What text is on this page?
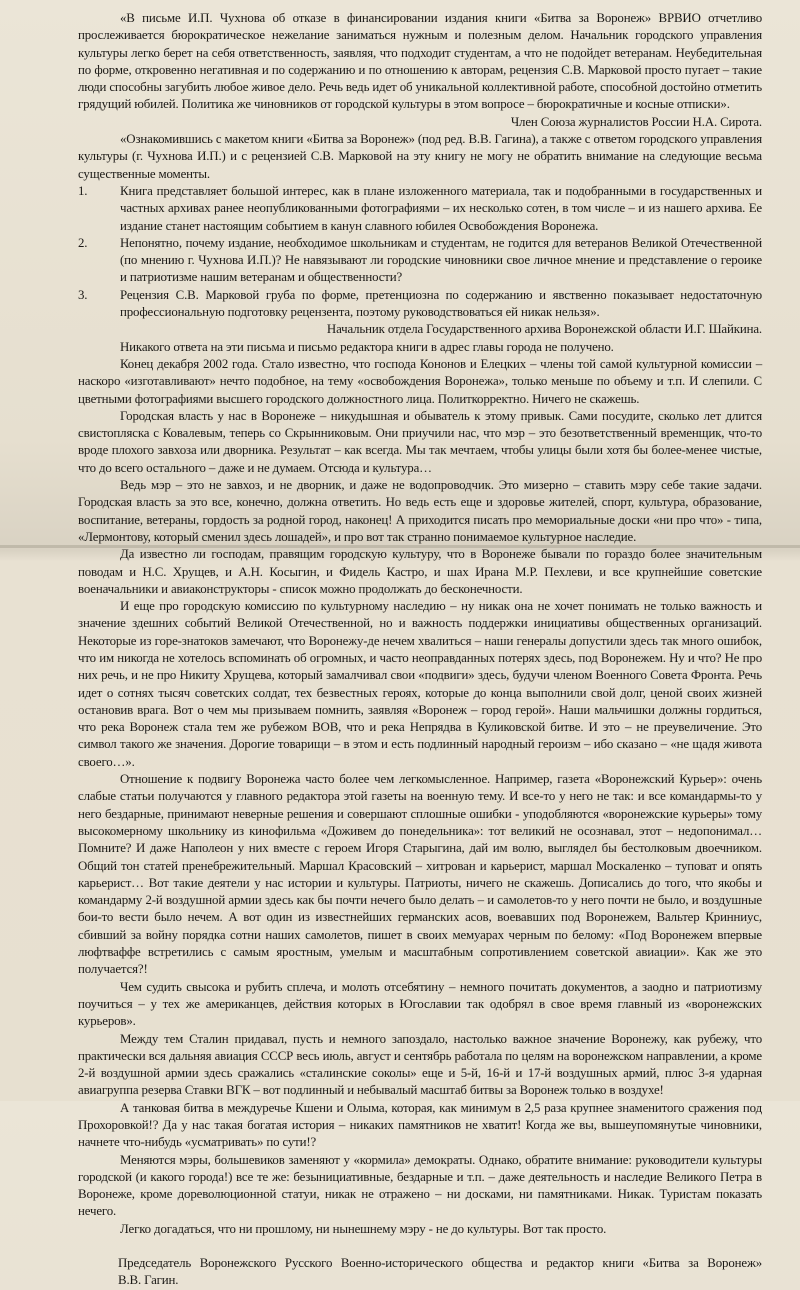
«В письме И.П. Чухнова об отказе в финансировании издания книги «Битва за Воронеж» ВРВИО отчетливо прослеживается бюрократическое нежелание заниматься нужным и полезным делом. Начальник городского управления культуры легко берет на себя ответственность, заявляя, что подходит студентам, а что не подойдет ветеранам. Неубедительная по форме, откровенно негативная и по содержанию и по отношению к авторам, рецензия С.В. Марковой просто пугает – такие люди способны загубить любое живое дело. Речь ведь идет об уникальной коллективной работе, способной достойно отметить грядущий юбилей. Политика же чиновников от городской культуры в этом вопросе – бюрократичные и косные отписки».

Член Союза журналистов России Н.А. Сирота.

«Ознакомившись с макетом книги «Битва за Воронеж» (под ред. В.В. Гагина), а также с ответом городского управления культуры (г. Чухнова И.П.) и с рецензией С.В. Марковой на эту книгу не могу не обратить внимание на следующие весьма существенные моменты.

1.	Книга представляет большой интерес, как в плане изложенного материала, так и подобранными в государственных и частных архивах ранее неопубликованными фотографиями – их несколько сотен, в том числе – и из нашего архива. Ее издание станет настоящим событием в канун славного юбилея Освобождения Воронежа.
2.	Непонятно, почему издание, необходимое школьникам и студентам, не годится для ветеранов Великой Отечественной (по мнению г. Чухнова И.П.)? Не навязывают ли городские чиновники свое личное мнение и представление о героике и патриотизме нашим ветеранам и общественности?
3.	Рецензия С.В. Марковой груба по форме, претенциозна по содержанию и явственно показывает недостаточную профессиональную подготовку рецензента, поэтому руководствоваться ей никак нельзя».

Начальник отдела Государственного архива Воронежской области И.Г. Шайкина.

Никакого ответа на эти письма и письмо редактора книги в адрес главы города не получено.

Конец декабря 2002 года. Стало известно, что господа Кононов и Елецких – члены той самой культурной комиссии – наскоро «изготавливают» нечто подобное, на тему «освобождения Воронежа», только меньше по объему и т.п. И слепили. С цветными фотографиями высшего городского должностного лица. Политкорректно. Ничего не скажешь.

Городская власть у нас в Воронеже – никудышная и обыватель к этому привык. Сами посудите, сколько лет длится свистопляска с Ковалевым, теперь со Скрынниковым. Они приучили нас, что мэр – это безответственный временщик, что-то вроде плохого завхоза или дворника. Результат – как всегда. Мы так мечтаем, чтобы улицы были хотя бы более-менее чистые, что до всего остального – даже и не думаем. Отсюда и культура…

Ведь мэр – это не завхоз, и не дворник, и даже не водопроводчик. Это мизерно – ставить мэру себе такие задачи. Городская власть за это все, конечно, должна ответить. Но ведь есть еще и здоровье жителей, спорт, культура, образование, воспитание, ветераны, гордость за родной город, наконец! А приходится писать про мемориальные доски «ни про что» - типа, «Лермонтову, который сменил здесь лошадей», и про вот так странно понимаемое культурное наследие.

Да известно ли господам, правящим городскую культуру, что в Воронеже бывали по гораздо более значительным поводам и Н.С. Хрущев, и А.Н. Косыгин, и Фидель Кастро, и шах Ирана М.Р. Пехлеви, и все крупнейшие советские военачальники и авиаконструкторы - список можно продолжать до бесконечности.

И еще про городскую комиссию по культурному наследию – ну никак она не хочет понимать не только важность и значение здешних событий Великой Отечественной, но и важность поддержки инициативы общественных организаций. Некоторые из горе-знатоков замечают, что Воронежу-де нечем хвалиться – наши генералы допустили здесь так много ошибок, что им никогда не хотелось вспоминать об огромных, и часто неоправданных потерях здесь, под Воронежем. Ну и что? Не про них речь, и не про Никиту Хрущева, который замалчивал свои «подвиги» здесь, будучи членом Военного Совета Фронта. Речь идет о сотнях тысяч советских солдат, тех безвестных героях, которые до конца выполнили свой долг, ценой своих жизней остановив врага. Вот о чем мы призываем помнить, заявляя «Воронеж – город герой». Наши мальчишки должны гордиться, что река Воронеж стала тем же рубежом ВОВ, что и река Непрядва в Куликовской битве. И это – не преувеличение. Это символ такого же значения. Дорогие товарищи – в этом и есть подлинный народный героизм – ибо сказано – «не щадя живота своего…».

Отношение к подвигу Воронежа часто более чем легкомысленное. Например, газета «Воронежский Курьер»: очень слабые статьи получаются у главного редактора этой газеты на военную тему. И все-то у него не так: и все командармы-то у него бездарные, принимают неверные решения и совершают сплошные ошибки - уподобляются «воронежские курьеры» тому высокомерному школьнику из кинофильма «Доживем до понедельника»: тот великий не осознавал, этот – недопонимал… Помните? И даже Наполеон у них вместе с героем Игоря Старыгина, дай им волю, выглядел бы бестолковым двоечником. Общий тон статей пренебрежительный. Маршал Красовский – хитрован и карьерист, маршал Москаленко – туповат и опять карьерист… Вот такие деятели у нас истории и культуры. Патриоты, ничего не скажешь. Дописались до того, что якобы и командарму 2-й воздушной армии здесь как бы почти нечего было делать – и самолетов-то у него почти не было, и воздушные бои-то вести было нечем. А вот один из известнейших германских асов, воевавших под Воронежем, Вальтер Кринниус, сбивший за войну порядка сотни наших самолетов, пишет в своих мемуарах черным по белому: «Под Воронежем впервые люфтваффе встретились с самым яростным, умелым и масштабным сопротивлением советской авиации». Как же это получается?!

Чем судить свысока и рубить сплеча, и молоть отсебятину – немного почитать документов, а заодно и патриотизму поучиться – у тех же американцев, действия которых в Югославии так одобрял в свое время главный из «воронежских курьеров».

Между тем Сталин придавал, пусть и немного запоздало, настолько важное значение Воронежу, как рубежу, что практически вся дальняя авиация СССР весь июль, август и сентябрь работала по целям на воронежском направлении, а кроме 2-й воздушной армии здесь сражались «сталинские соколы» еще и 5-й, 16-й и 17-й воздушных армий, плюс 3-я ударная авиагруппа резерва Ставки ВГК – вот подлинный и небывалый масштаб битвы за Воронеж только в воздухе!

А танковая битва в междуречье Кшени и Олыма, которая, как минимум в 2,5 раза крупнее знаменитого сражения под Прохоровкой!? Да у нас такая богатая история – никаких памятников не хватит! Когда же вы, вышеупомянутые чиновники, начнете что-нибудь «усматривать» по сути!?

Меняются мэры, большевиков заменяют у «кормила» демократы. Однако, обратите внимание: руководители культуры городской (и какого города!) все те же: безынициативные, бездарные и т.п. – даже деятельность и наследие Великого Петра в Воронеже, кроме дореволюционной статуи, никак не отражено – ни досками, ни памятниками. Никак. Туристам показать нечего.

Легко догадаться, что ни прошлому, ни нынешнему мэру - не до культуры. Вот так просто.

Председатель Воронежского Русского Военно-исторического общества и редактор книги «Битва за Воронеж»

В.В. Гагин.
